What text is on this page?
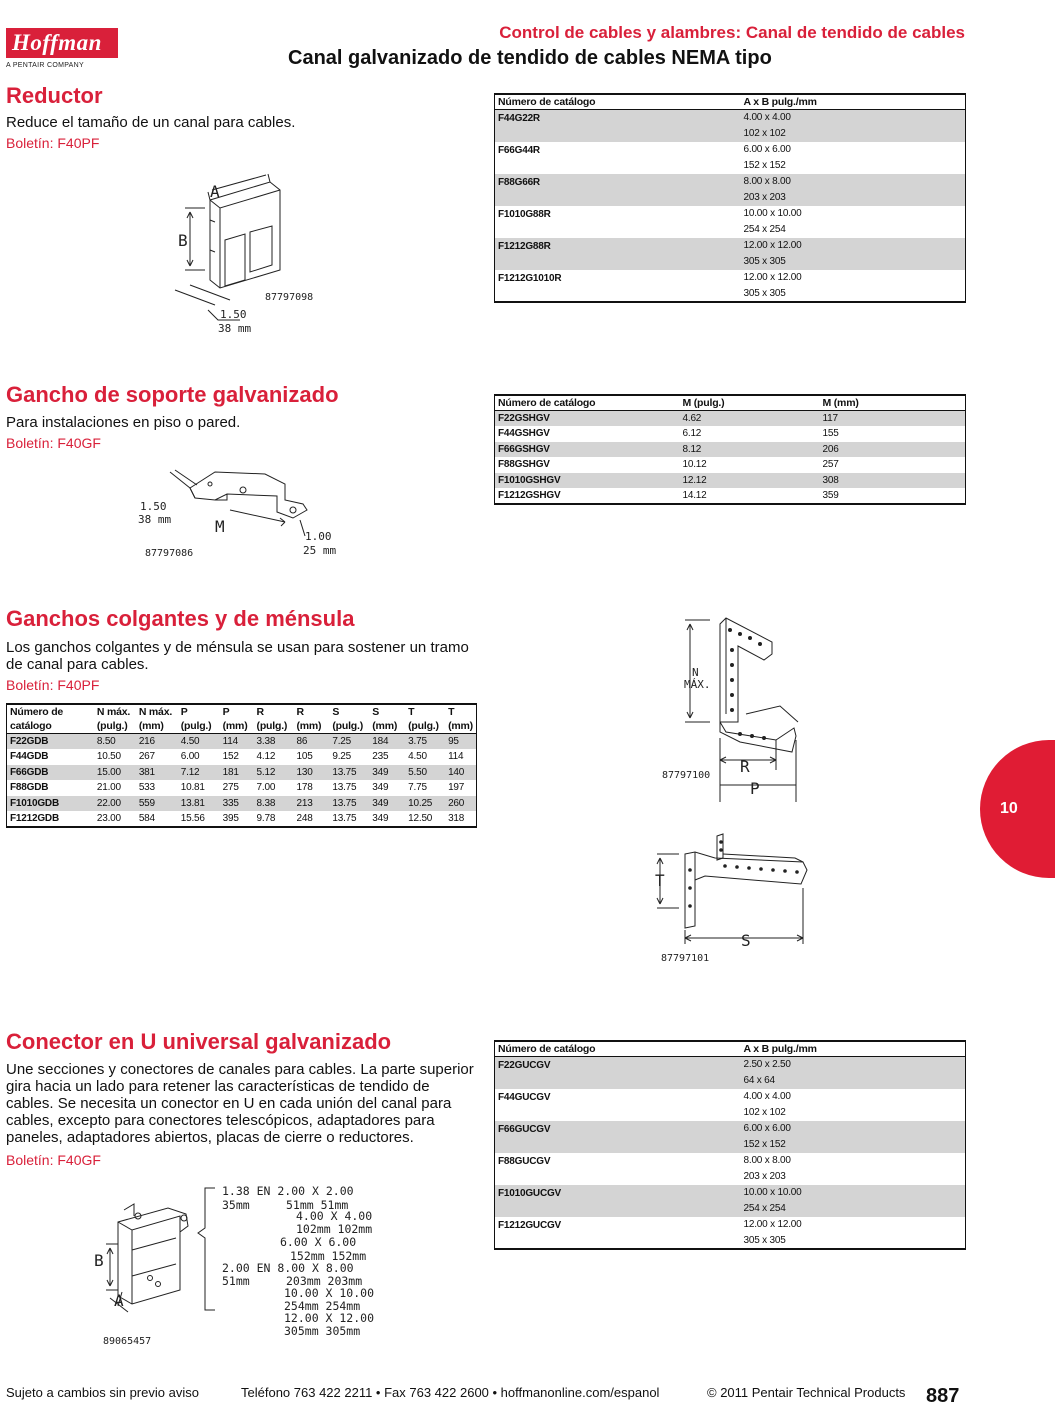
Hoffman
A PENTAIR COMPANY
Control de cables y alambres: Canal de tendido de cables
Canal galvanizado de tendido de cables NEMA tipo
Reductor
Reduce el tamaño de un canal para cables.
Boletín: F40PF
A
B
87797098
1.50
38 mm
Número de catálogo	A x B pulg./mm
F44G22R	4.00 x 4.00
	102 x 102
F66G44R	6.00 x 6.00
	152 x 152
F88G66R	8.00 x 8.00
	203 x 203
F1010G88R	10.00 x 10.00
	254 x 254
F1212G88R	12.00 x 12.00
	305 x 305
F1212G1010R	12.00 x 12.00
	305 x 305
Gancho de soporte galvanizado
Para instalaciones en piso o pared.
Boletín: F40GF
1.50
38 mm	M
1.00
25 mm
87797086
Número de catálogo	M (pulg.)	M (mm)
F22GSHGV	4.62	117
F44GSHGV	6.12	155
F66GSHGV	8.12	206
F88GSHGV	10.12	257
F1010GSHGV	12.12	308
F1212GSHGV	14.12	359
Ganchos colgantes y de ménsula
Los ganchos colgantes y de ménsula se usan para sostener un tramo de canal para cables.
Boletín: F40PF
Número de	N máx.	N máx.	P	P	R	R	S	S	T	T
catálogo	(pulg.)	(mm)	(pulg.)	(mm)	(pulg.)	(mm)	(pulg.)	(mm)	(pulg.)	(mm)
F22GDB	8.50	216	4.50	114	3.38	86	7.25	184	3.75	95
F44GDB	10.50	267	6.00	152	4.12	105	9.25	235	4.50	114
F66GDB	15.00	381	7.12	181	5.12	130	13.75	349	5.50	140
F88GDB	21.00	533	10.81	275	7.00	178	13.75	349	7.75	197
F1010GDB	22.00	559	13.81	335	8.38	213	13.75	349	10.25	260
F1212GDB	23.00	584	15.56	395	9.78	248	13.75	349	12.50	318
N
MÁX.
R
P
87797100
T
S
87797101
Conector en U universal galvanizado
Une secciones y conectores de canales para cables. La parte superior gira hacia un lado para retener las características de tendido de cables. Se necesita un conector en U en cada unión del canal para cables, excepto para conectores telescópicos, adaptadores para paneles, adaptadores abiertos, placas de cierre o reductores.
Boletín: F40GF
B
A
89065457
1.38 EN 2.00 X 2.00
35mm	51mm 51mm
4.00 X 4.00
102mm 102mm
6.00 X 6.00
152mm 152mm
2.00 EN 8.00 X 8.00
51mm	203mm 203mm
10.00 X 10.00
254mm 254mm
12.00 X 12.00
305mm 305mm
Número de catálogo	A x B pulg./mm
F22GUCGV	2.50 x 2.50
	64 x 64
F44GUCGV	4.00 x 4.00
	102 x 102
F66GUCGV	6.00 x 6.00
	152 x 152
F88GUCGV	8.00 x 8.00
	203 x 203
F1010GUCGV	10.00 x 10.00
	254 x 254
F1212GUCGV	12.00 x 12.00
	305 x 305
10
Sujeto a cambios sin previo aviso	Teléfono 763 422 2211 • Fax 763 422 2600 • hoffmanonline.com/espanol	© 2011 Pentair Technical Products 887
